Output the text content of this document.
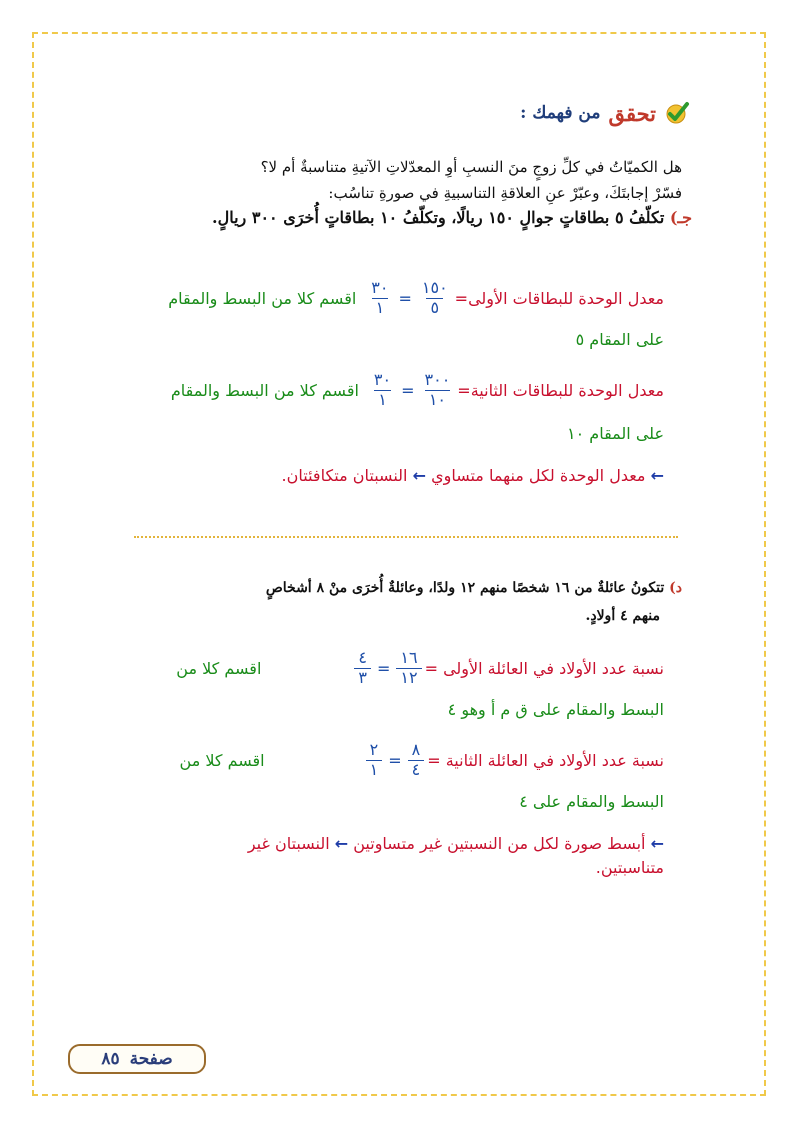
تحقق
من فهمك :
هل الكميّاتُ في كلِّ زوجٍ منَ النسبِ أوِ المعدّلاتِ الآتيةِ متناسبةٌ أم لا؟
فسّرْ إجابتَكَ، وعبّرْ عنِ العلاقةِ التناسبيةِ في صورةِ تناسُب:
جـ) تكلّفُ ٥ بطاقاتٍ جوالٍ ١٥٠ ريالًا، وتكلّفُ ١٠ بطاقاتٍ أُخرَى ٣٠٠ ريالٍ.
معدل الوحدة للبطاقات الأولى=
$\frac{١٥٠}{٥}$
=
$\frac{٣٠}{١}$
اقسم كلا من البسط والمقام
على المقام ٥
معدل الوحدة للبطاقات الثانية=
$\frac{٣٠٠}{١٠}$
=
$\frac{٣٠}{١}$
اقسم كلا من البسط والمقام
على المقام ١٠
← معدل الوحدة لكل منهما متساوي ← النسبتان متكافئتان.
د) تتكونُ عائلةٌ من ١٦ شخصًا منهم ١٢ ولدًا، وعائلةٌ أُخرَى منْ ٨ أشخاصٍ
منهم ٤ أولادٍ.
نسبة عدد الأولاد في العائلة الأولى =
$\frac{١٦}{١٢}$
=
$\frac{٤}{٣}$
اقسم كلا من
البسط والمقام على ق م أ وهو ٤
نسبة عدد الأولاد في العائلة الثانية =
$\frac{٨}{٤}$
=
$\frac{٢}{١}$
اقسم كلا من
البسط والمقام على ٤
← أبسط صورة لكل من النسبتين غير متساوتين ← النسبتان غير
متناسبتين.
صفحة
٨٥
